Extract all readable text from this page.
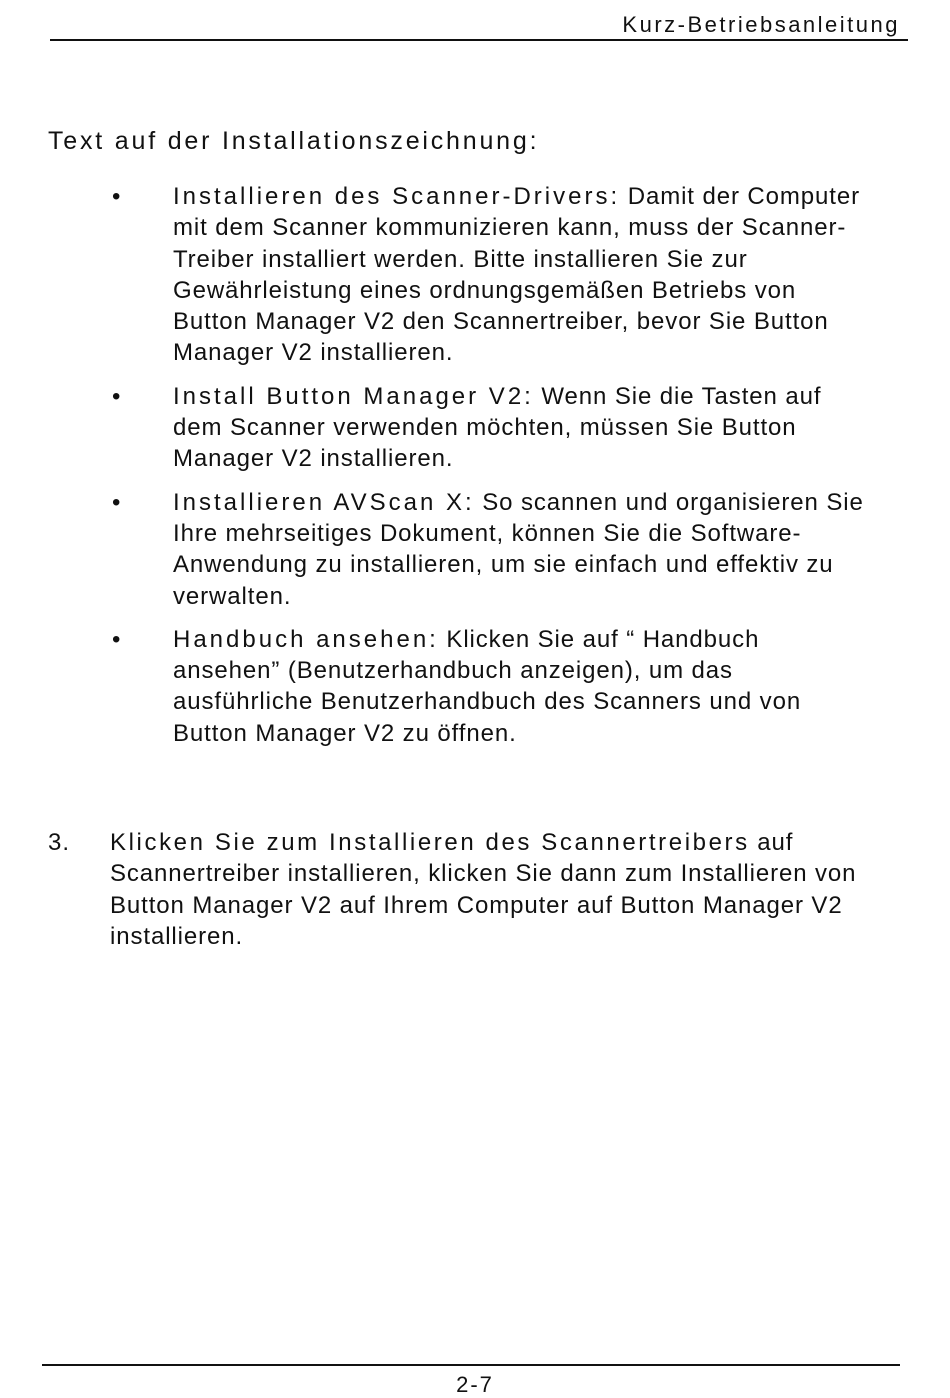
Kurz-Betriebsanleitung
Text auf der Installationszeichnung:
• Installieren des Scanner-Drivers: Damit der Computer mit dem Scanner kommunizieren kann, muss der Scanner-Treiber installiert werden. Bitte installieren Sie zur Gewährleistung eines ordnungsgemäßen Betriebs von Button Manager V2 den Scannertreiber, bevor Sie Button Manager V2 installieren.
• Install Button Manager V2: Wenn Sie die Tasten auf dem Scanner verwenden möchten, müssen Sie Button Manager V2 installieren.
• Installieren AVScan X: So scannen und organisieren Sie Ihre mehrseitiges Dokument, können Sie die Software-Anwendung zu installieren, um sie einfach und effektiv zu verwalten.
• Handbuch ansehen: Klicken Sie auf “ Handbuch ansehen” (Benutzerhandbuch anzeigen), um das ausführliche Benutzerhandbuch des Scanners und von Button Manager V2 zu öffnen.
3. Klicken Sie zum Installieren des Scannertreibers auf Scannertreiber installieren, klicken Sie dann zum Installieren von Button Manager V2 auf Ihrem Computer auf Button Manager V2 installieren.

2-7
